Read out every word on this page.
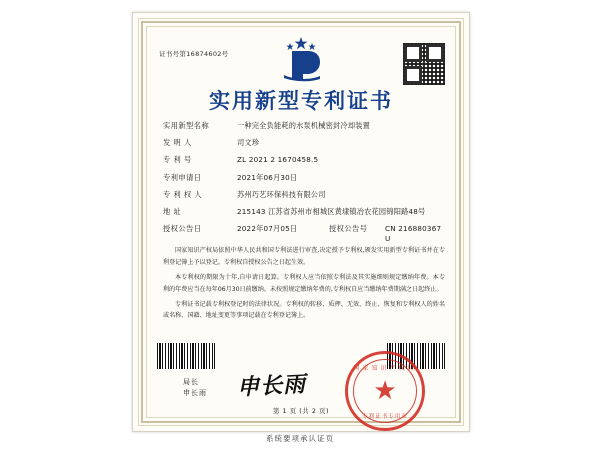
证书号第16874602号
实用新型专利证书
实用新型名称	一种完全负能耗的水泵机械密封冷却装置
发 明 人	司文珍
专 利 号	ZL 2021 2 1670458.5
专利申请日	2021年06月30日
专 利 权 人	苏州巧艺环保科技有限公司
地 址	215143 江苏省苏州市相城区黄埭镇冶农花园锦阳路48号
授权公告日	2022年07月05日	授权公告号	CN 216880367 U

国家知识产权局依照中华人民共和国专利法进行审查,决定授予专利权,颁发实用新型专利证书并在专利登记簿上予以登记。专利权自授权公告之日起生效。

本专利权的期限为十年,自申请日起算。专利权人应当依照专利法及其实施细则规定缴纳年费。本专利的年费应当在每年06月30日前缴纳。未按照规定缴纳年费的,专利权自应当缴纳年费期满之日起终止。

专利证书记载专利权登记时的法律状况。专利权的转移、质押、无效、终止、恢复和专利权人的姓名或名称、国籍、地址变更等事项记载在专利登记簿上。

局长
申长雨 申长雨
国家知识产权局
★
专利证书专用章
第 1 页 (共 2 页)
系统要项承认证页
